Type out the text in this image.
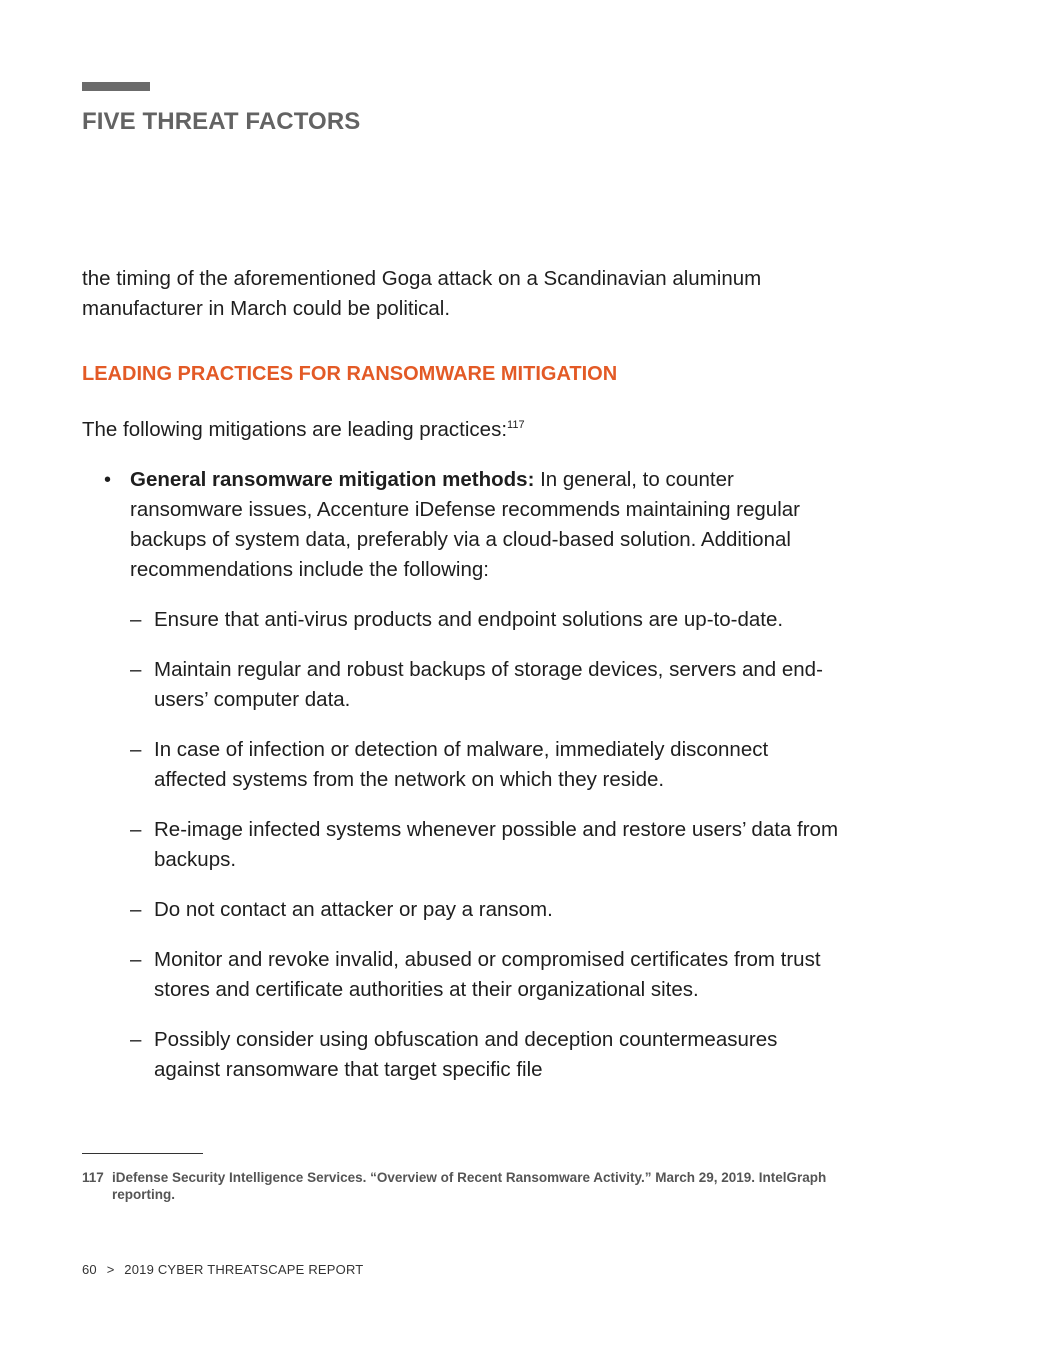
FIVE THREAT FACTORS

the timing of the aforementioned Goga attack on a Scandinavian aluminum manufacturer in March could be political.

LEADING PRACTICES FOR RANSOMWARE MITIGATION

The following mitigations are leading practices:$^{117}$

• General ransomware mitigation methods: In general, to counter ransomware issues, Accenture iDefense recommends maintaining regular backups of system data, preferably via a cloud-based solution. Additional recommendations include the following:
– Ensure that anti-virus products and endpoint solutions are up-to-date.
– Maintain regular and robust backups of storage devices, servers and end-users’ computer data.
– In case of infection or detection of malware, immediately disconnect affected systems from the network on which they reside.
– Re-image infected systems whenever possible and restore users’ data from backups.
– Do not contact an attacker or pay a ransom.
– Monitor and revoke invalid, abused or compromised certificates from trust stores and certificate authorities at their organizational sites.
– Possibly consider using obfuscation and deception countermeasures against ransomware that target specific file
117 iDefense Security Intelligence Services. “Overview of Recent Ransomware Activity.” March 29, 2019. IntelGraph reporting.
60 > 2019 CYBER THREATSCAPE REPORT
